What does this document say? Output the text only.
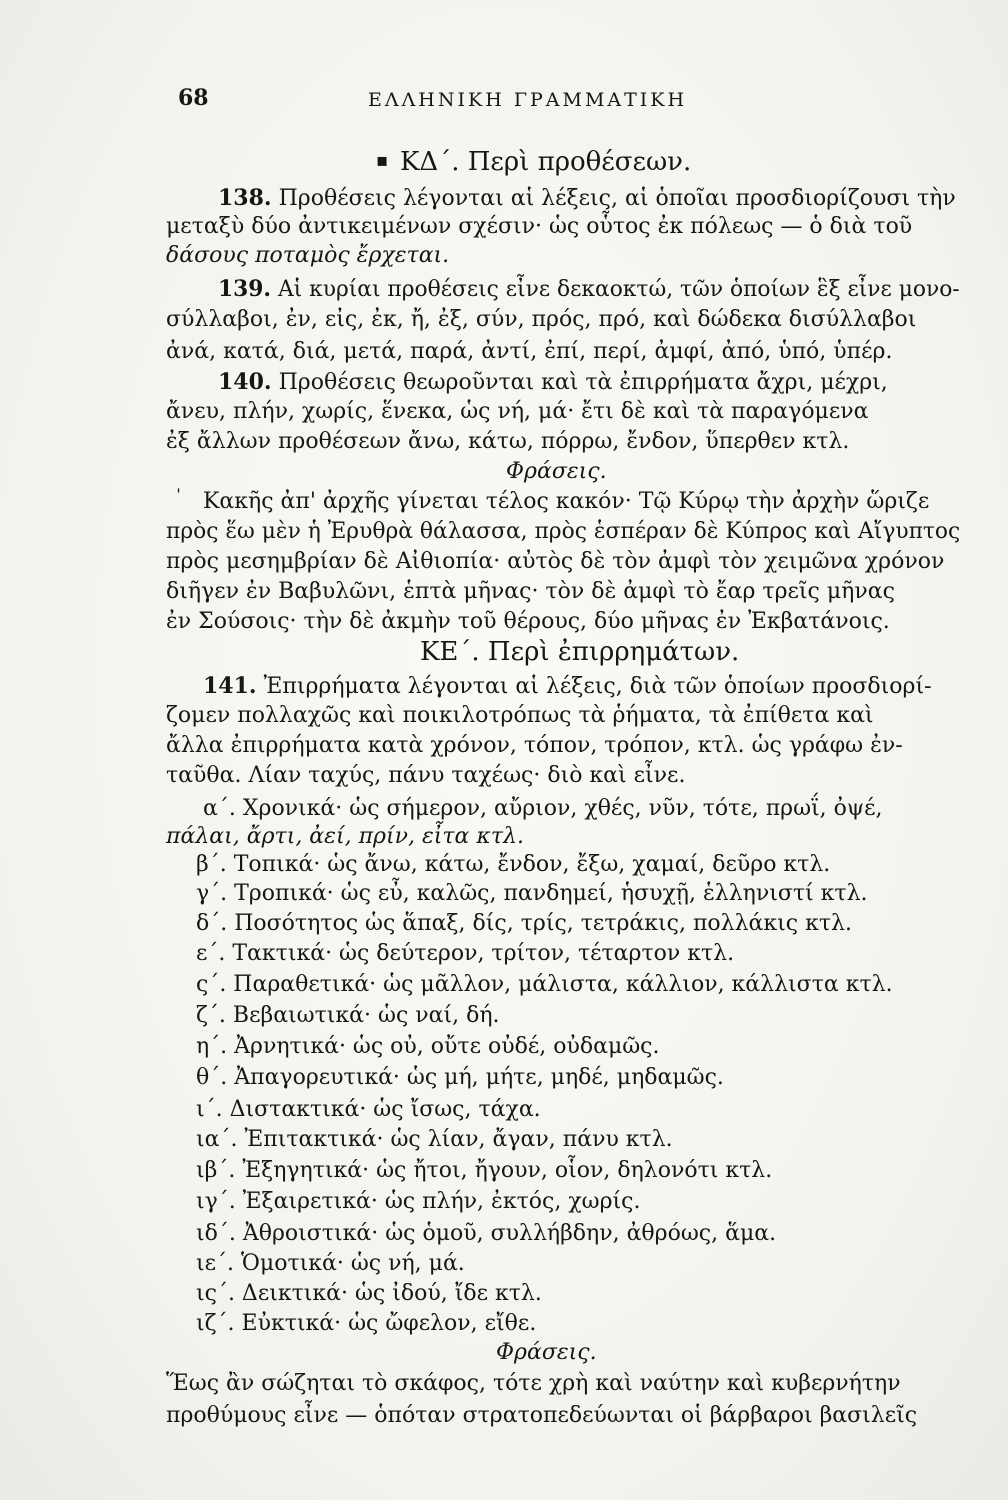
68	ΕΛΛΗΝΙΚΗ ΓΡΑΜΜΑΤΙΚΗ
▪ ΚΔ΄. Περὶ προθέσεων.
138. Προθέσεις λέγονται αἱ λέξεις, αἱ ὁποῖαι προσδιορίζουσι τὴν
μεταξὺ δύο ἀντικειμένων σχέσιν· ὡς οὗτος ἐκ πόλεως — ὁ διὰ τοῦ
δάσους ποταμὸς ἔρχεται.
139. Αἱ κυρίαι προθέσεις εἶνε δεκαοκτώ, τῶν ὁποίων ἓξ εἶνε μονο-
σύλλαβοι, ἐν, εἰς, ἐκ, ἤ, ἐξ, σύν, πρός, πρό, καὶ δώδεκα δισύλλαβοι
ἀνά, κατά, διά, μετά, παρά, ἀντί, ἐπί, περί, ἀμφί, ἀπό, ὑπό, ὑπέρ.
140. Προθέσεις θεωροῦνται καὶ τὰ ἐπιρρήματα ἄχρι, μέχρι,
ἄνευ, πλήν, χωρίς, ἕνεκα, ὡς νή, μά· ἔτι δὲ καὶ τὰ παραγόμενα
ἐξ ἄλλων προθέσεων ἄνω, κάτω, πόρρω, ἔνδον, ὕπερθεν κτλ.
Φράσεις.
ˈ Κακῆς ἀπ' ἀρχῆς γίνεται τέλος κακόν· Τῷ Κύρῳ τὴν ἀρχὴν ὥριζε
πρὸς ἕω μὲν ἡ Ἐρυθρὰ θάλασσα, πρὸς ἑσπέραν δὲ Κύπρος καὶ Αἴγυπτος
πρὸς μεσημβρίαν δὲ Αἰθιοπία· αὐτὸς δὲ τὸν ἀμφὶ τὸν χειμῶνα χρόνον
διῆγεν ἐν Βαβυλῶνι, ἑπτὰ μῆνας· τὸν δὲ ἀμφὶ τὸ ἔαρ τρεῖς μῆνας
ἐν Σούσοις· τὴν δὲ ἀκμὴν τοῦ θέρους, δύο μῆνας ἐν Ἐκβατάνοις.
ΚΕ΄. Περὶ ἐπιρρημάτων.
141. Ἐπιρρήματα λέγονται αἱ λέξεις, διὰ τῶν ὁποίων προσδιορί-
ζομεν πολλαχῶς καὶ ποικιλοτρόπως τὰ ῥήματα, τὰ ἐπίθετα καὶ
ἄλλα ἐπιρρήματα κατὰ χρόνον, τόπον, τρόπον, κτλ. ὡς γράφω ἐν-
ταῦθα. Λίαν ταχύς, πάνυ ταχέως· διὸ καὶ εἶνε.
α΄. Χρονικά· ὡς σήμερον, αὔριον, χθές, νῦν, τότε, πρωΐ, ὀψέ,
πάλαι, ἄρτι, ἀεί, πρίν, εἶτα κτλ.
β΄. Τοπικά· ὡς ἄνω, κάτω, ἔνδον, ἔξω, χαμαί, δεῦρο κτλ.
γ΄. Τροπικά· ὡς εὖ, καλῶς, πανδημεί, ἡσυχῇ, ἑλληνιστί κτλ.
δ΄. Ποσότητος ὡς ἅπαξ, δίς, τρίς, τετράκις, πολλάκις κτλ.
ε΄. Τακτικά· ὡς δεύτερον, τρίτον, τέταρτον κτλ.
ς΄. Παραθετικά· ὡς μᾶλλον, μάλιστα, κάλλιον, κάλλιστα κτλ.
ζ΄. Βεβαιωτικά· ὡς ναί, δή.
η΄. Ἀρνητικά· ὡς οὐ, οὔτε οὐδέ, οὐδαμῶς.
θ΄. Ἀπαγορευτικά· ὡς μή, μήτε, μηδέ, μηδαμῶς.
ι΄. Διστακτικά· ὡς ἴσως, τάχα.
ια΄. Ἐπιτακτικά· ὡς λίαν, ἄγαν, πάνυ κτλ.
ιβ΄. Ἐξηγητικά· ὡς ἤτοι, ἤγουν, οἷον, δηλονότι κτλ.
ιγ΄. Ἐξαιρετικά· ὡς πλήν, ἐκτός, χωρίς.
ιδ΄. Ἀθροιστικά· ὡς ὁμοῦ, συλλήβδην, ἀθρόως, ἅμα.
ιε΄. Ὁμοτικά· ὡς νή, μά.
ις΄. Δεικτικά· ὡς ἰδού, ἴδε κτλ.
ιζ΄. Εὐκτικά· ὡς ὤφελον, εἴθε.
Φράσεις.
Ἕως ἂν σώζηται τὸ σκάφος, τότε χρὴ καὶ ναύτην καὶ κυβερνήτην
προθύμους εἶνε — ὁπόταν στρατοπεδεύωνται οἱ βάρβαροι βασιλεῖς
